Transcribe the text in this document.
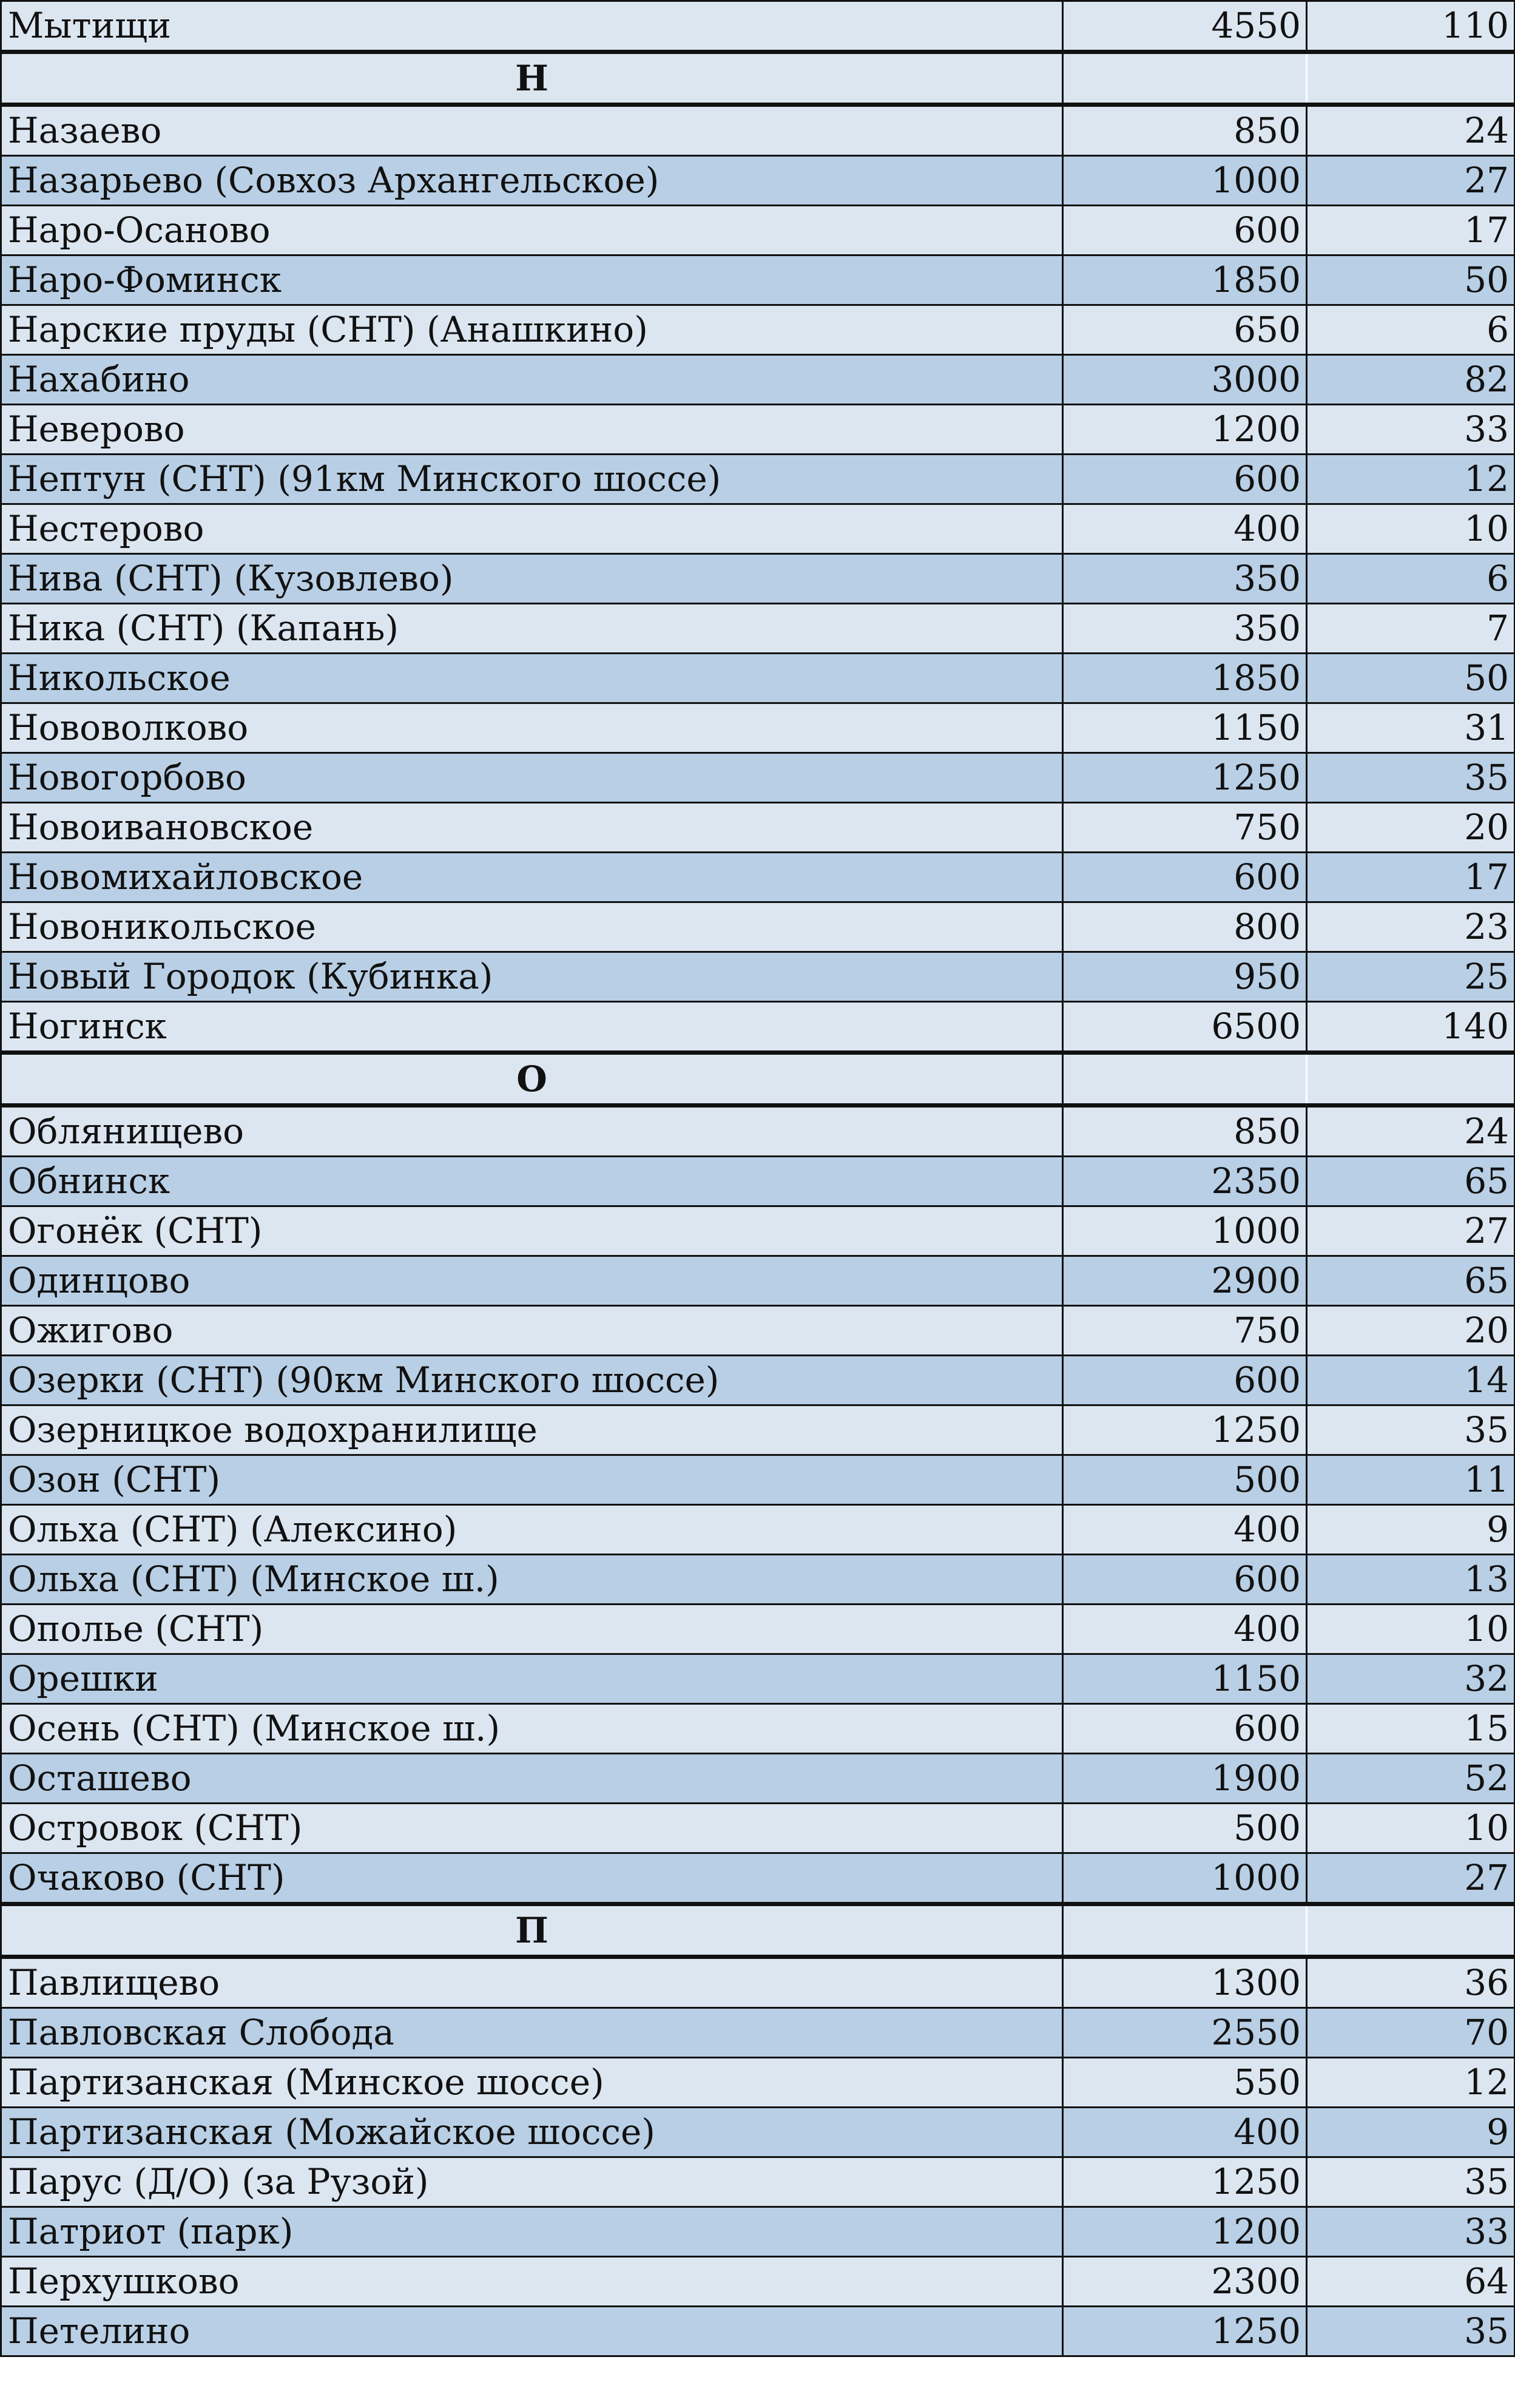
Мытищи	4550	110
Н		
Назаево	850	24
Назарьево (Совхоз Архангельское)	1000	27
Наро-Осаново	600	17
Наро-Фоминск	1850	50
Нарские пруды (СНТ) (Анашкино)	650	6
Нахабино	3000	82
Неверово	1200	33
Нептун (СНТ) (91км Минского шоссе)	600	12
Нестерово	400	10
Нива (СНТ) (Кузовлево)	350	6
Ника (СНТ) (Капань)	350	7
Никольское	1850	50
Нововолково	1150	31
Новогорбово	1250	35
Новоивановское	750	20
Новомихайловское	600	17
Новоникольское	800	23
Новый Городок (Кубинка)	950	25
Ногинск	6500	140
О		
Облянищево	850	24
Обнинск	2350	65
Огонёк (СНТ)	1000	27
Одинцово	2900	65
Ожигово	750	20
Озерки (СНТ) (90км Минского шоссе)	600	14
Озерницкое водохранилище	1250	35
Озон (СНТ)	500	11
Ольха (СНТ) (Алексино)	400	9
Ольха (СНТ) (Минское ш.)	600	13
Ополье (СНТ)	400	10
Орешки	1150	32
Осень (СНТ) (Минское ш.)	600	15
Осташево	1900	52
Островок (СНТ)	500	10
Очаково (СНТ)	1000	27
П		
Павлищево	1300	36
Павловская Слобода	2550	70
Партизанская (Минское шоссе)	550	12
Партизанская (Можайское шоссе)	400	9
Парус (Д/О) (за Рузой)	1250	35
Патриот (парк)	1200	33
Перхушково	2300	64
Петелино	1250	35
